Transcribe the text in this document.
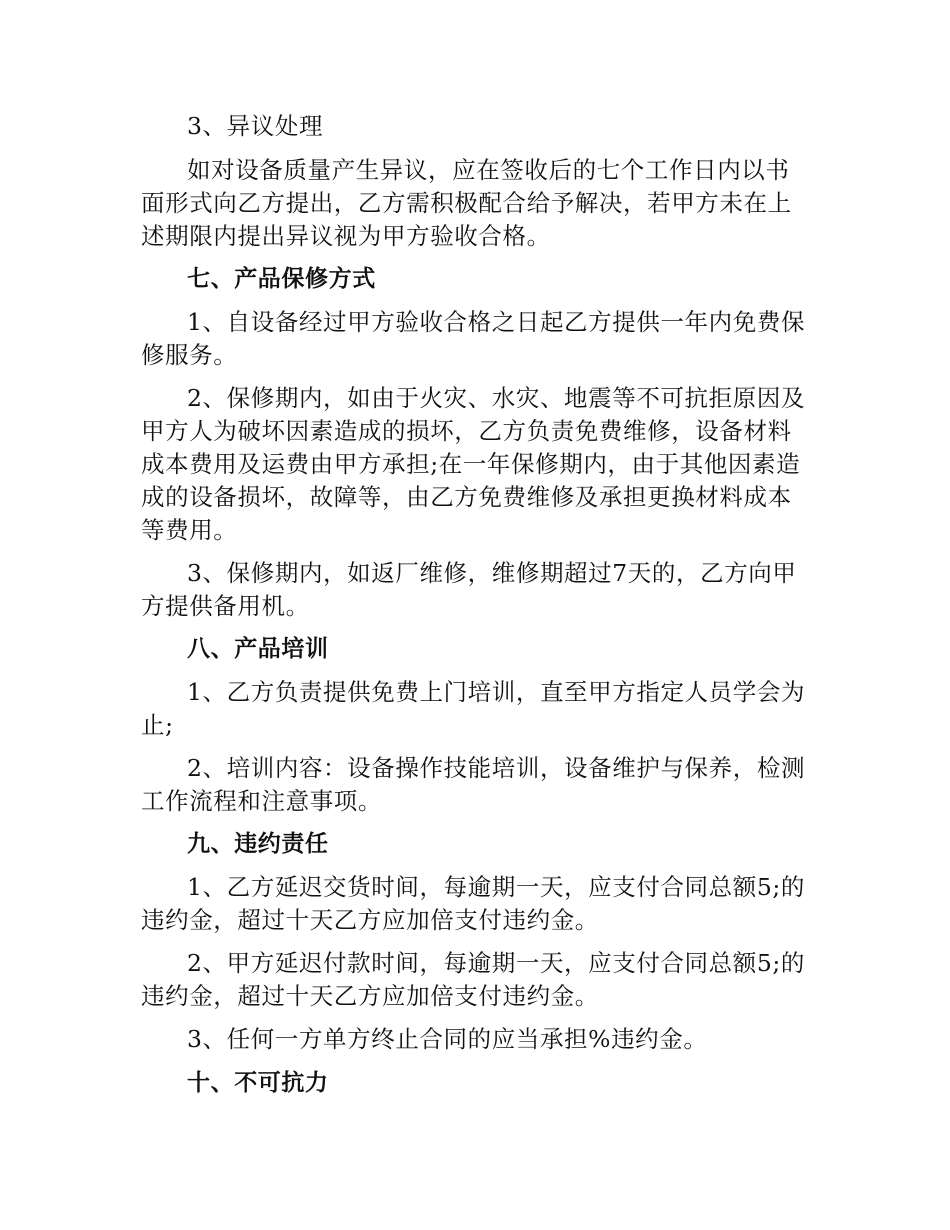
3、异议处理

如对设备质量产生异议，应在签收后的七个工作日内以书面形式向乙方提出，乙方需积极配合给予解决，若甲方未在上述期限内提出异议视为甲方验收合格。

七、产品保修方式

1、自设备经过甲方验收合格之日起乙方提供一年内免费保修服务。

2、保修期内，如由于火灾、水灾、地震等不可抗拒原因及甲方人为破坏因素造成的损坏，乙方负责免费维修，设备材料成本费用及运费由甲方承担;在一年保修期内，由于其他因素造成的设备损坏，故障等，由乙方免费维修及承担更换材料成本等费用。

3、保修期内，如返厂维修，维修期超过7天的，乙方向甲方提供备用机。

八、产品培训

1、乙方负责提供免费上门培训，直至甲方指定人员学会为止;

2、培训内容：设备操作技能培训，设备维护与保养，检测工作流程和注意事项。

九、违约责任

1、乙方延迟交货时间，每逾期一天，应支付合同总额5;的违约金，超过十天乙方应加倍支付违约金。

2、甲方延迟付款时间，每逾期一天，应支付合同总额5;的违约金，超过十天乙方应加倍支付违约金。

3、任何一方单方终止合同的应当承担%违约金。

十、不可抗力
